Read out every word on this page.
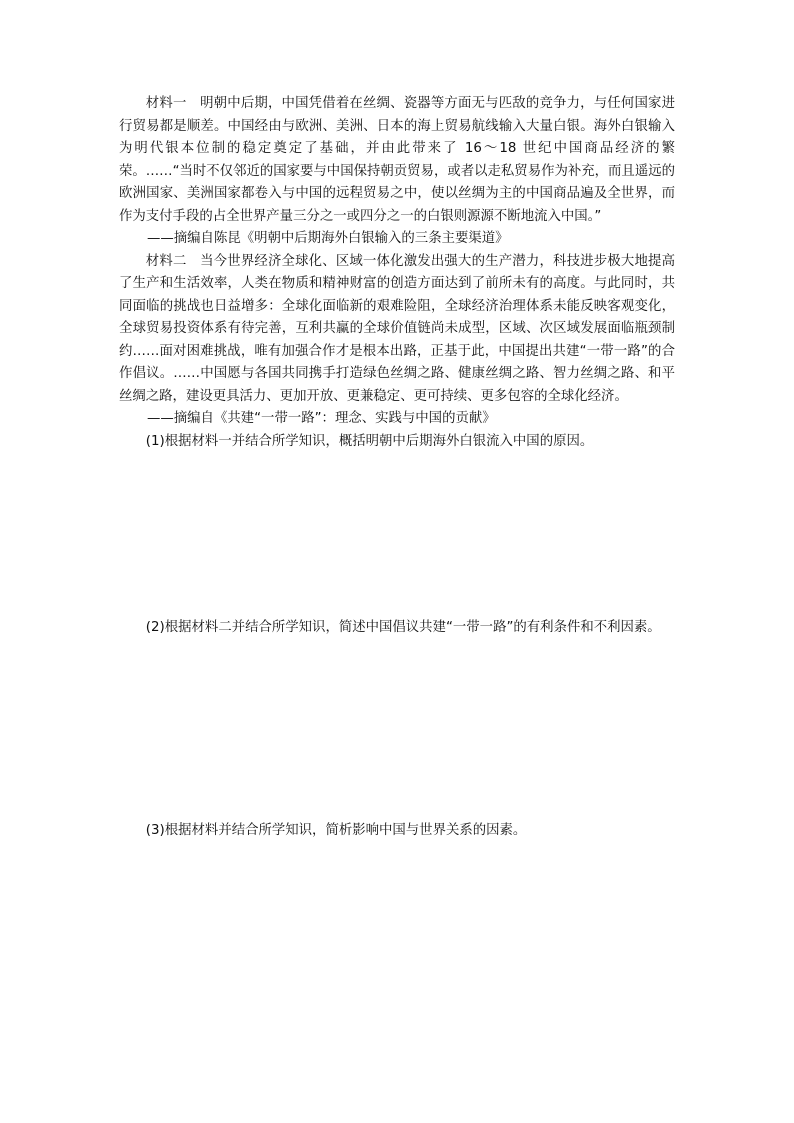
材料一　明朝中后期，中国凭借着在丝绸、瓷器等方面无与匹敌的竞争力，与任何国家进行贸易都是顺差。中国经由与欧洲、美洲、日本的海上贸易航线输入大量白银。海外白银输入为明代银本位制的稳定奠定了基础，并由此带来了 16～18 世纪中国商品经济的繁荣。……“当时不仅邻近的国家要与中国保持朝贡贸易，或者以走私贸易作为补充，而且遥远的欧洲国家、美洲国家都卷入与中国的远程贸易之中，使以丝绸为主的中国商品遍及全世界，而作为支付手段的占全世界产量三分之一或四分之一的白银则源源不断地流入中国。”

——摘编自陈昆《明朝中后期海外白银输入的三条主要渠道》

材料二　当今世界经济全球化、区域一体化激发出强大的生产潜力，科技进步极大地提高了生产和生活效率，人类在物质和精神财富的创造方面达到了前所未有的高度。与此同时，共同面临的挑战也日益增多：全球化面临新的艰难险阻，全球经济治理体系未能反映客观变化，全球贸易投资体系有待完善，互利共赢的全球价值链尚未成型，区域、次区域发展面临瓶颈制约……面对困难挑战，唯有加强合作才是根本出路，正基于此，中国提出共建“一带一路”的合作倡议。……中国愿与各国共同携手打造绿色丝绸之路、健康丝绸之路、智力丝绸之路、和平丝绸之路，建设更具活力、更加开放、更兼稳定、更可持续、更多包容的全球化经济。

——摘编自《共建“一带一路”：理念、实践与中国的贡献》

(1)根据材料一并结合所学知识，概括明朝中后期海外白银流入中国的原因。

(2)根据材料二并结合所学知识，简述中国倡议共建“一带一路”的有利条件和不利因素。

(3)根据材料并结合所学知识，简析影响中国与世界关系的因素。
